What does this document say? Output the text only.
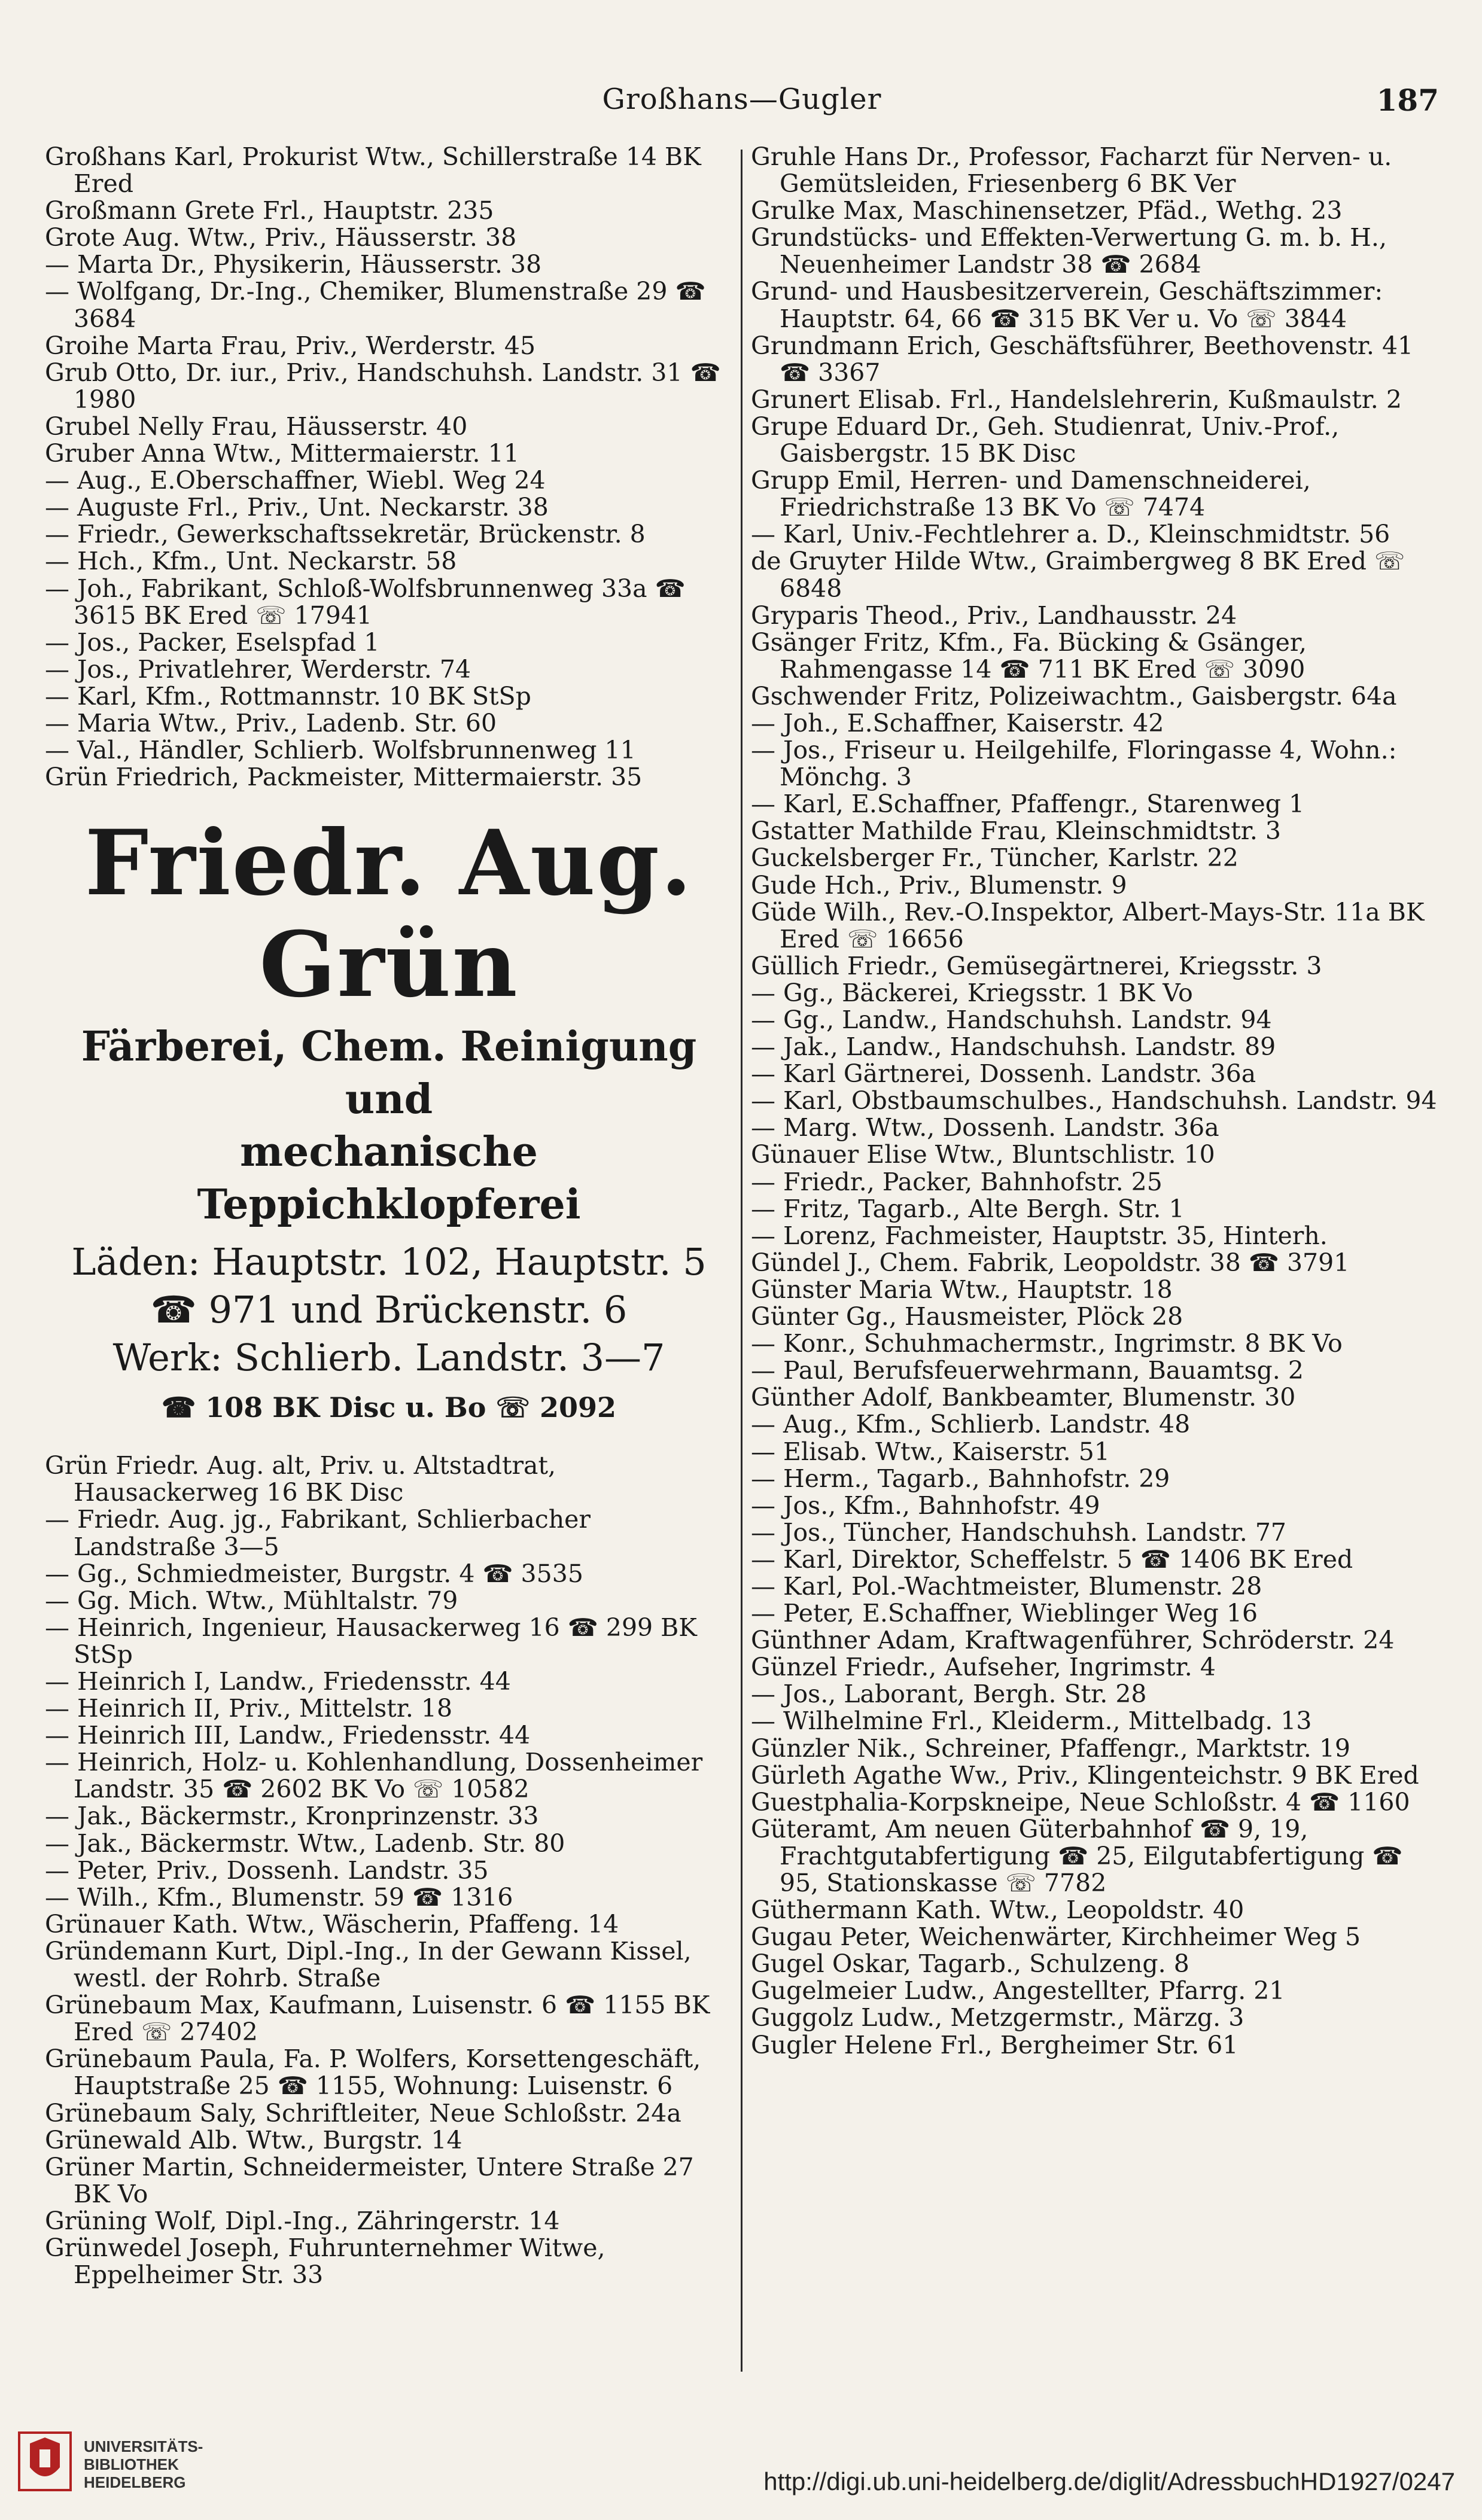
Großhans—Gugler	187

Großhans Karl, Prokurist Wtw., Schillerstraße 14 BK Ered

Großmann Grete Frl., Hauptstr. 235

Grote Aug. Wtw., Priv., Häusserstr. 38

— Marta Dr., Physikerin, Häusserstr. 38

— Wolfgang, Dr.-Ing., Chemiker, Blumenstraße 29 ☎ 3684

Groihe Marta Frau, Priv., Werderstr. 45

Grub Otto, Dr. iur., Priv., Handschuhsh. Landstr. 31 ☎ 1980

Grubel Nelly Frau, Häusserstr. 40

Gruber Anna Wtw., Mittermaierstr. 11

— Aug., E.Oberschaffner, Wiebl. Weg 24

— Auguste Frl., Priv., Unt. Neckarstr. 38

— Friedr., Gewerkschaftssekretär, Brückenstr. 8

— Hch., Kfm., Unt. Neckarstr. 58

— Joh., Fabrikant, Schloß-Wolfsbrunnenweg 33a ☎ 3615 BK Ered ☏ 17941

— Jos., Packer, Eselspfad 1

— Jos., Privatlehrer, Werderstr. 74

— Karl, Kfm., Rottmannstr. 10 BK StSp

— Maria Wtw., Priv., Ladenb. Str. 60

— Val., Händler, Schlierb. Wolfsbrunnenweg 11

Grün Friedrich, Packmeister, Mittermaierstr. 35

Friedr. Aug. Grün
Färberei, Chem. Reinigung und
mechanische Teppichklopferei
Läden: Hauptstr. 102, Hauptstr. 5
☎ 971 und Brückenstr. 6
Werk: Schlierb. Landstr. 3—7
☎ 108 BK Disc u. Bo ☏ 2092

Grün Friedr. Aug. alt, Priv. u. Altstadtrat, Hausackerweg 16 BK Disc

— Friedr. Aug. jg., Fabrikant, Schlierbacher Landstraße 3—5

— Gg., Schmiedmeister, Burgstr. 4 ☎ 3535

— Gg. Mich. Wtw., Mühltalstr. 79

— Heinrich, Ingenieur, Hausackerweg 16 ☎ 299 BK StSp

— Heinrich I, Landw., Friedensstr. 44

— Heinrich II, Priv., Mittelstr. 18

— Heinrich III, Landw., Friedensstr. 44

— Heinrich, Holz- u. Kohlenhandlung, Dossenheimer Landstr. 35 ☎ 2602 BK Vo ☏ 10582

— Jak., Bäckermstr., Kronprinzenstr. 33

— Jak., Bäckermstr. Wtw., Ladenb. Str. 80

— Peter, Priv., Dossenh. Landstr. 35

— Wilh., Kfm., Blumenstr. 59 ☎ 1316

Grünauer Kath. Wtw., Wäscherin, Pfaffeng. 14

Gründemann Kurt, Dipl.-Ing., In der Gewann Kissel, westl. der Rohrb. Straße

Grünebaum Max, Kaufmann, Luisenstr. 6 ☎ 1155 BK Ered ☏ 27402

Grünebaum Paula, Fa. P. Wolfers, Korsettengeschäft, Hauptstraße 25 ☎ 1155, Wohnung: Luisenstr. 6

Grünebaum Saly, Schriftleiter, Neue Schloßstr. 24a

Grünewald Alb. Wtw., Burgstr. 14

Grüner Martin, Schneidermeister, Untere Straße 27 BK Vo

Grüning Wolf, Dipl.-Ing., Zähringerstr. 14

Grünwedel Joseph, Fuhrunternehmer Witwe, Eppelheimer Str. 33

Gruhle Hans Dr., Professor, Facharzt für Nerven- u. Gemütsleiden, Friesenberg 6 BK Ver

Grulke Max, Maschinensetzer, Pfäd., Wethg. 23

Grundstücks- und Effekten-Verwertung G. m. b. H., Neuenheimer Landstr 38 ☎ 2684

Grund- und Hausbesitzerverein, Geschäftszimmer: Hauptstr. 64, 66 ☎ 315 BK Ver u. Vo ☏ 3844

Grundmann Erich, Geschäftsführer, Beethovenstr. 41 ☎ 3367

Grunert Elisab. Frl., Handelslehrerin, Kußmaulstr. 2

Grupe Eduard Dr., Geh. Studienrat, Univ.-Prof., Gaisbergstr. 15 BK Disc

Grupp Emil, Herren- und Damenschneiderei, Friedrichstraße 13 BK Vo ☏ 7474

— Karl, Univ.-Fechtlehrer a. D., Kleinschmidtstr. 56

de Gruyter Hilde Wtw., Graimbergweg 8 BK Ered ☏ 6848

Gryparis Theod., Priv., Landhausstr. 24

Gsänger Fritz, Kfm., Fa. Bücking & Gsänger, Rahmengasse 14 ☎ 711 BK Ered ☏ 3090

Gschwender Fritz, Polizeiwachtm., Gaisbergstr. 64a

— Joh., E.Schaffner, Kaiserstr. 42

— Jos., Friseur u. Heilgehilfe, Floringasse 4, Wohn.: Mönchg. 3

— Karl, E.Schaffner, Pfaffengr., Starenweg 1

Gstatter Mathilde Frau, Kleinschmidtstr. 3

Guckelsberger Fr., Tüncher, Karlstr. 22

Gude Hch., Priv., Blumenstr. 9

Güde Wilh., Rev.-O.Inspektor, Albert-Mays-Str. 11a BK Ered ☏ 16656

Güllich Friedr., Gemüsegärtnerei, Kriegsstr. 3

— Gg., Bäckerei, Kriegsstr. 1 BK Vo

— Gg., Landw., Handschuhsh. Landstr. 94

— Jak., Landw., Handschuhsh. Landstr. 89

— Karl Gärtnerei, Dossenh. Landstr. 36a

— Karl, Obstbaumschulbes., Handschuhsh. Landstr. 94

— Marg. Wtw., Dossenh. Landstr. 36a

Günauer Elise Wtw., Bluntschlistr. 10

— Friedr., Packer, Bahnhofstr. 25

— Fritz, Tagarb., Alte Bergh. Str. 1

— Lorenz, Fachmeister, Hauptstr. 35, Hinterh.

Gündel J., Chem. Fabrik, Leopoldstr. 38 ☎ 3791

Günster Maria Wtw., Hauptstr. 18

Günter Gg., Hausmeister, Plöck 28

— Konr., Schuhmachermstr., Ingrimstr. 8 BK Vo

— Paul, Berufsfeuerwehrmann, Bauamtsg. 2

Günther Adolf, Bankbeamter, Blumenstr. 30

— Aug., Kfm., Schlierb. Landstr. 48

— Elisab. Wtw., Kaiserstr. 51

— Herm., Tagarb., Bahnhofstr. 29

— Jos., Kfm., Bahnhofstr. 49

— Jos., Tüncher, Handschuhsh. Landstr. 77

— Karl, Direktor, Scheffelstr. 5 ☎ 1406 BK Ered

— Karl, Pol.-Wachtmeister, Blumenstr. 28

— Peter, E.Schaffner, Wieblinger Weg 16

Günthner Adam, Kraftwagenführer, Schröderstr. 24

Günzel Friedr., Aufseher, Ingrimstr. 4

— Jos., Laborant, Bergh. Str. 28

— Wilhelmine Frl., Kleiderm., Mittelbadg. 13

Günzler Nik., Schreiner, Pfaffengr., Marktstr. 19

Gürleth Agathe Ww., Priv., Klingenteichstr. 9 BK Ered

Guestphalia-Korpskneipe, Neue Schloßstr. 4 ☎ 1160

Güteramt, Am neuen Güterbahnhof ☎ 9, 19, Frachtgutabfertigung ☎ 25, Eilgutabfertigung ☎ 95, Stationskasse ☏ 7782

Güthermann Kath. Wtw., Leopoldstr. 40

Gugau Peter, Weichenwärter, Kirchheimer Weg 5

Gugel Oskar, Tagarb., Schulzeng. 8

Gugelmeier Ludw., Angestellter, Pfarrg. 21

Guggolz Ludw., Metzgermstr., Märzg. 3

Gugler Helene Frl., Bergheimer Str. 61

UNIVERSITÄTS-
BIBLIOTHEK
HEIDELBERG	http://digi.ub.uni-heidelberg.de/diglit/AdressbuchHD1927/0247
